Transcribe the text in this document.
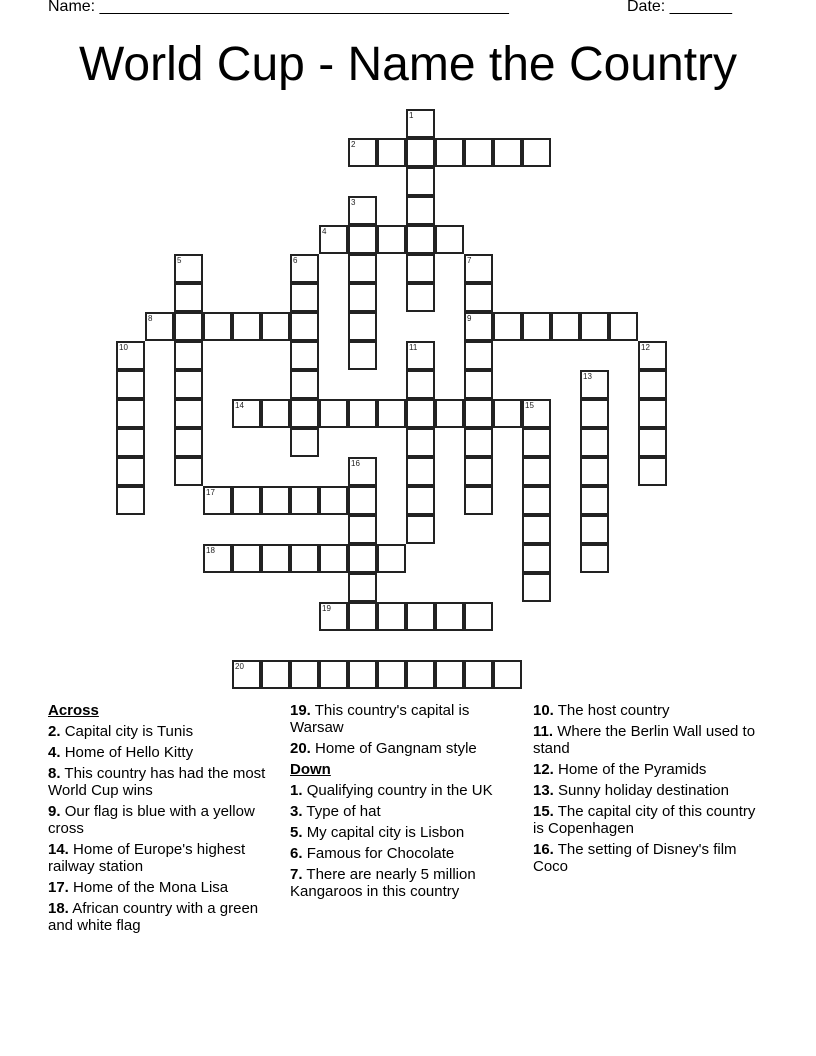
Name: ______________________________________________	Date: _______
World Cup - Name the Country
1
2
3
4
5	6	7
9
8
10	11	12
13
14	15
16
17
18
19
20
Across
2. Capital city is Tunis
4. Home of Hello Kitty
8. This country has had the most World Cup wins
9. Our flag is blue with a yellow cross
14. Home of Europe's highest railway station
17. Home of the Mona Lisa
18. African country with a green and white flag
19. This country's capital is Warsaw
20. Home of Gangnam style
Down
1. Qualifying country in the UK
3. Type of hat
5. My capital city is Lisbon
6. Famous for Chocolate
7. There are nearly 5 million Kangaroos in this country
10. The host country
11. Where the Berlin Wall used to stand
12. Home of the Pyramids
13. Sunny holiday destination
15. The capital city of this country is Copenhagen
16. The setting of Disney's film Coco
